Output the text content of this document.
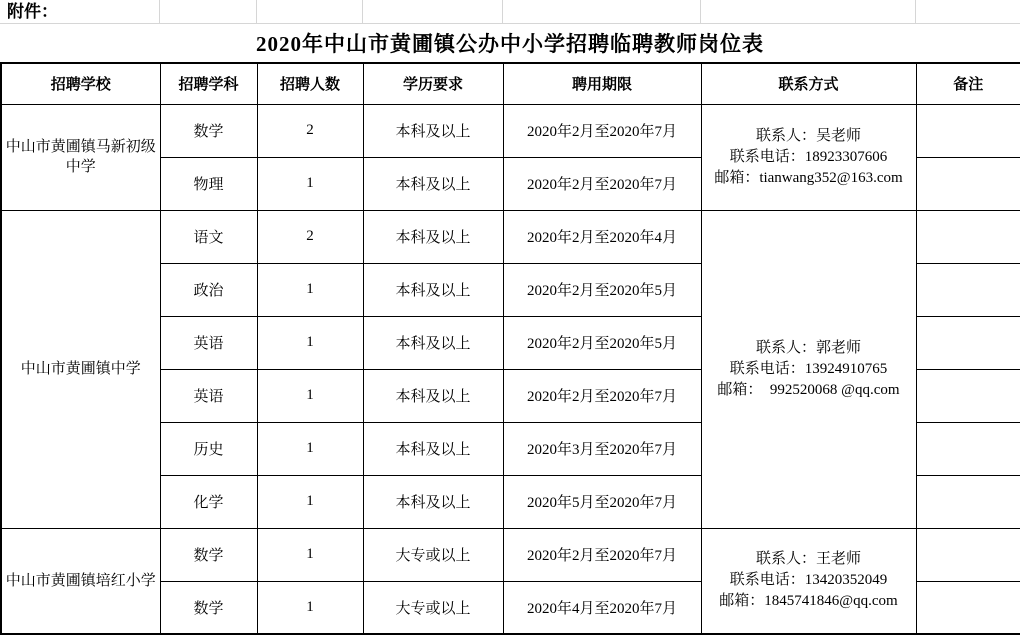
附件：
2020年中山市黄圃镇公办中小学招聘临聘教师岗位表
招聘学校	招聘学科	招聘人数	学历要求	聘用期限	联系方式	备注
中山市黄圃镇马新初级中学	数学	2	本科及以上	2020年2月至2020年7月	联系人：吴老师
联系电话：18923307606
邮箱：tianwang352@163.com	

	物理	1	本科及以上	2020年2月至2020年7月		
中山市黄圃镇中学	语文	2	本科及以上	2020年2月至2020年4月	联系人：郭老师
联系电话：13924910765
邮箱：  992520068 @qq.com	

	政治	1	本科及以上	2020年2月至2020年5月		
	英语	1	本科及以上	2020年2月至2020年5月		
	英语	1	本科及以上	2020年2月至2020年7月		
	历史	1	本科及以上	2020年3月至2020年7月		
	化学	1	本科及以上	2020年5月至2020年7月		
中山市黄圃镇培红小学	数学	1	大专或以上	2020年2月至2020年7月	联系人：王老师
联系电话：13420352049
邮箱：1845741846@qq.com	

	数学	1	大专或以上	2020年4月至2020年7月		
